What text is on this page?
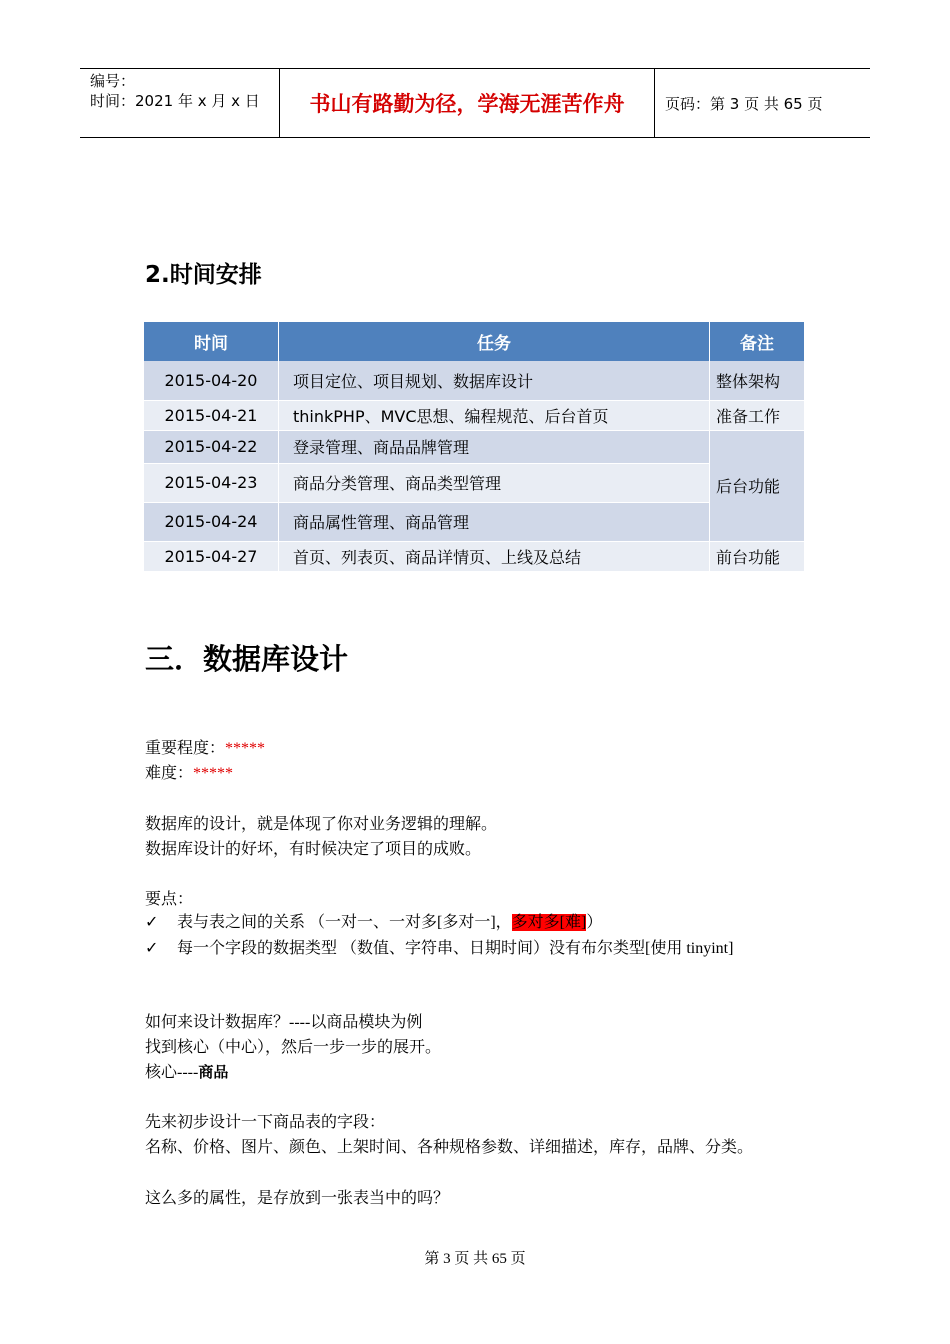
编号：
时间：2021 年 x 月 x 日	书山有路勤为径，学海无涯苦作舟	页码：第 3 页 共 65 页
2.时间安排
时间	任务	备注
2015-04-20	项目定位、项目规划、数据库设计	整体架构
2015-04-21	thinkPHP、MVC思想、编程规范、后台首页	准备工作
2015-04-22	登录管理、商品品牌管理	后台功能
2015-04-23	商品分类管理、商品类型管理	
2015-04-24	商品属性管理、商品管理	
2015-04-27	首页、列表页、商品详情页、上线及总结	前台功能
三．数据库设计
重要程度：*****
难度：*****
数据库的设计，就是体现了你对业务逻辑的理解。
数据库设计的好坏，有时候决定了项目的成败。
要点：
✓ 表与表之间的关系 （一对一、一对多[多对一]，多对多[难]）
✓ 每一个字段的数据类型 （数值、字符串、日期时间）没有布尔类型[使用 tinyint]
如何来设计数据库？----以商品模块为例
找到核心（中心），然后一步一步的展开。
核心----商品
先来初步设计一下商品表的字段：
名称、价格、图片、颜色、上架时间、各种规格参数、详细描述，库存，品牌、分类。
这么多的属性，是存放到一张表当中的吗？
第 3 页 共 65 页
